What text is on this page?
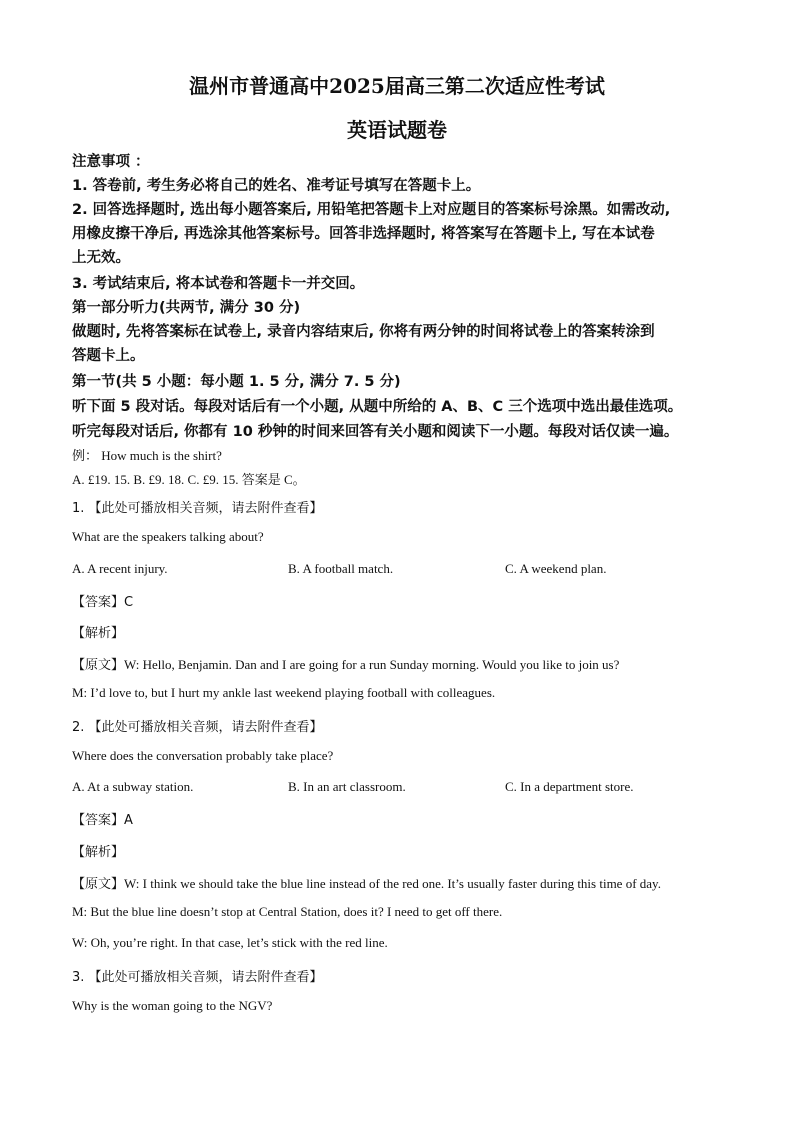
温州市普通高中2025届高三第二次适应性考试
英语试题卷
注意事项 ：
1. 答卷前, 考生务必将自己的姓名、准考证号填写在答题卡上。
2. 回答选择题时, 选出每小题答案后, 用铅笔把答题卡上对应题目的答案标号涂黑。如需改动,
用橡皮擦干净后, 再选涂其他答案标号。回答非选择题时, 将答案写在答题卡上, 写在本试卷
上无效。
3. 考试结束后, 将本试卷和答题卡一并交回。
第一部分听力(共两节, 满分 30 分)
做题时, 先将答案标在试卷上, 录音内容结束后, 你将有两分钟的时间将试卷上的答案转涂到
答题卡上。
第一节(共 5 小题：每小题 1. 5 分, 满分 7. 5 分)
听下面 5 段对话。每段对话后有一个小题, 从题中所给的 A、B、C 三个选项中选出最佳选项。
听完每段对话后, 你都有 10 秒钟的时间来回答有关小题和阅读下一小题。每段对话仅读一遍。
例： How much is the shirt?
A. £19. 15. B. £9. 18. C. £9. 15. 答案是 C。
1. 【此处可播放相关音频，请去附件查看】
What are the speakers talking about?
A. A recent injury.	B. A football match.	C. A weekend plan.
【答案】C
【解析】
【原文】W: Hello, Benjamin. Dan and I are going for a run Sunday morning. Would you like to join us?
M: I’d love to, but I hurt my ankle last weekend playing football with colleagues.
2. 【此处可播放相关音频，请去附件查看】
Where does the conversation probably take place?
A. At a subway station.	B. In an art classroom.	C. In a department store.
【答案】A
【解析】
【原文】W: I think we should take the blue line instead of the red one. It’s usually faster during this time of day.
M: But the blue line doesn’t stop at Central Station, does it? I need to get off there.
W: Oh, you’re right. In that case, let’s stick with the red line.
3. 【此处可播放相关音频，请去附件查看】
Why is the woman going to the NGV?
